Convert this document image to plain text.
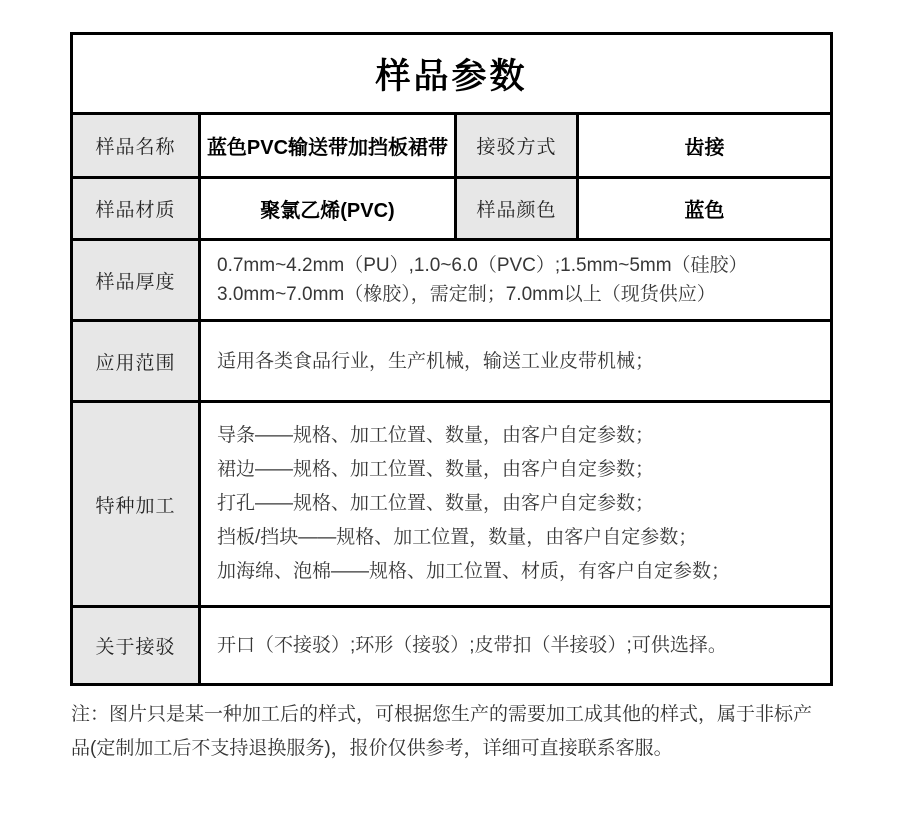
样品参数			
样品名称	蓝色PVC输送带加挡板裙带	接驳方式	齿接
样品材质	聚氯乙烯(PVC)	样品颜色	蓝色
样品厚度	0.7mm~4.2mm（PU）,1.0~6.0（PVC）;1.5mm~5mm（硅胶）
3.0mm~7.0mm（橡胶），需定制；7.0mm以上（现货供应）		

应用范围	适用各类食品行业，生产机械，输送工业皮带机械；		

特种加工	导条——规格、加工位置、数量，由客户自定参数；
裙边——规格、加工位置、数量，由客户自定参数；
打孔——规格、加工位置、数量，由客户自定参数；
挡板/挡块——规格、加工位置，数量，由客户自定参数；
加海绵、泡棉——规格、加工位置、材质，有客户自定参数；		

关于接驳	开口（不接驳）;环形（接驳）;皮带扣（半接驳）;可供选择。		

注：图片只是某一种加工后的样式，可根据您生产的需要加工成其他的样式，属于非标产品(定制加工后不支持退换服务)，报价仅供参考，详细可直接联系客服。
